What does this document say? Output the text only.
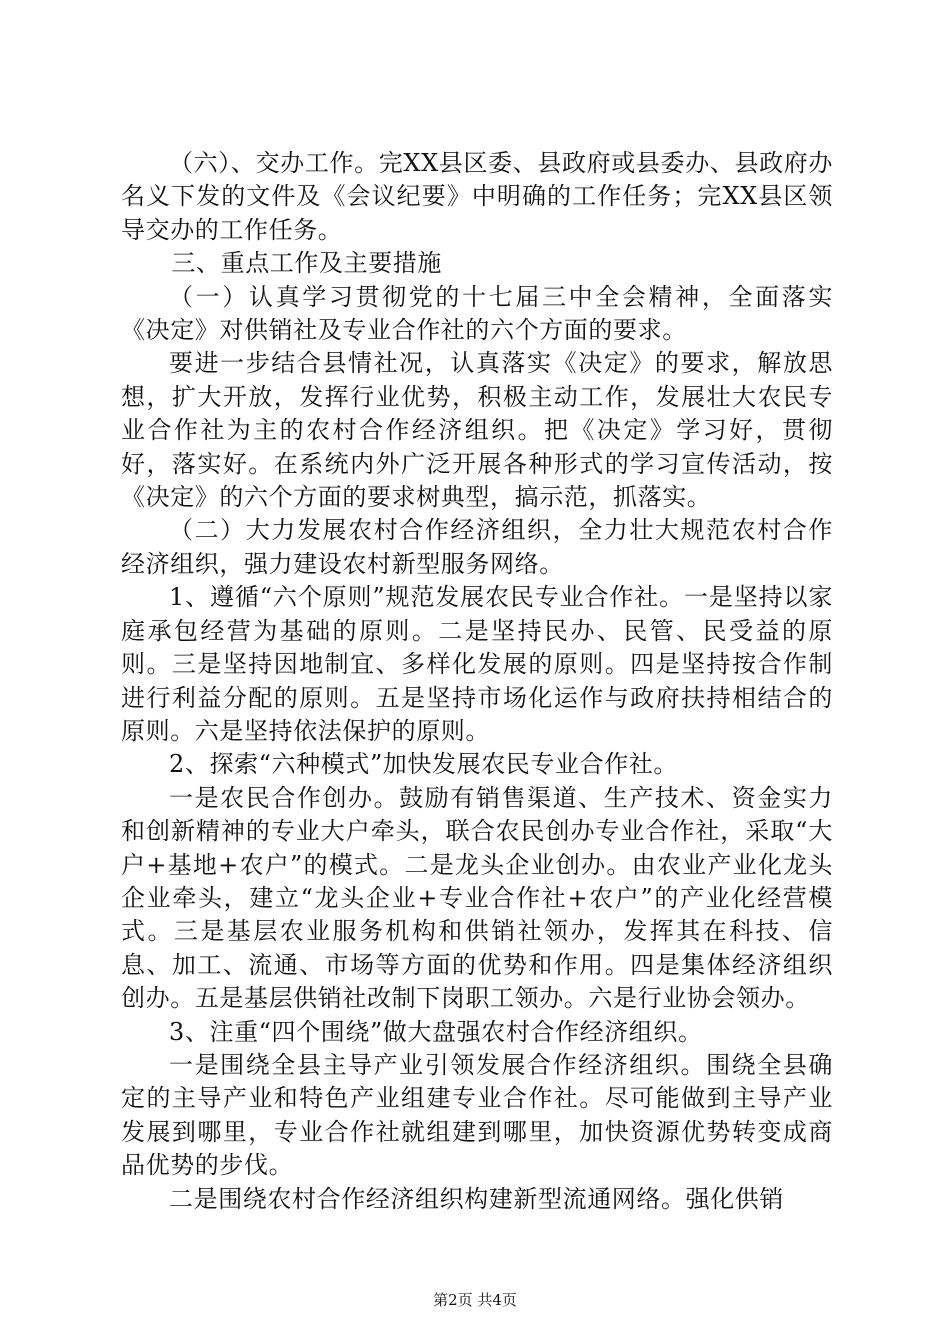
（六）、交办工作。完XX县区委、县政府或县委办、县政府办名义下发的文件及《会议纪要》中明确的工作任务；完XX县区领导交办的工作任务。

三、重点工作及主要措施

（一）认真学习贯彻党的十七届三中全会精神，全面落实《决定》对供销社及专业合作社的六个方面的要求。

要进一步结合县情社况，认真落实《决定》的要求，解放思想，扩大开放，发挥行业优势，积极主动工作，发展壮大农民专业合作社为主的农村合作经济组织。把《决定》学习好，贯彻好，落实好。在系统内外广泛开展各种形式的学习宣传活动，按《决定》的六个方面的要求树典型，搞示范，抓落实。

（二）大力发展农村合作经济组织，全力壮大规范农村合作经济组织，强力建设农村新型服务网络。

1、遵循“六个原则”规范发展农民专业合作社。一是坚持以家庭承包经营为基础的原则。二是坚持民办、民管、民受益的原则。三是坚持因地制宜、多样化发展的原则。四是坚持按合作制进行利益分配的原则。五是坚持市场化运作与政府扶持相结合的原则。六是坚持依法保护的原则。

2、探索“六种模式”加快发展农民专业合作社。

一是农民合作创办。鼓励有销售渠道、生产技术、资金实力和创新精神的专业大户牵头，联合农民创办专业合作社，采取“大户+基地+农户”的模式。二是龙头企业创办。由农业产业化龙头企业牵头，建立“龙头企业+专业合作社+农户”的产业化经营模式。三是基层农业服务机构和供销社领办，发挥其在科技、信息、加工、流通、市场等方面的优势和作用。四是集体经济组织创办。五是基层供销社改制下岗职工领办。六是行业协会领办。

3、注重“四个围绕”做大盘强农村合作经济组织。

一是围绕全县主导产业引领发展合作经济组织。围绕全县确定的主导产业和特色产业组建专业合作社。尽可能做到主导产业发展到哪里，专业合作社就组建到哪里，加快资源优势转变成商品优势的步伐。

二是围绕农村合作经济组织构建新型流通网络。强化供销

第2页 共4页
